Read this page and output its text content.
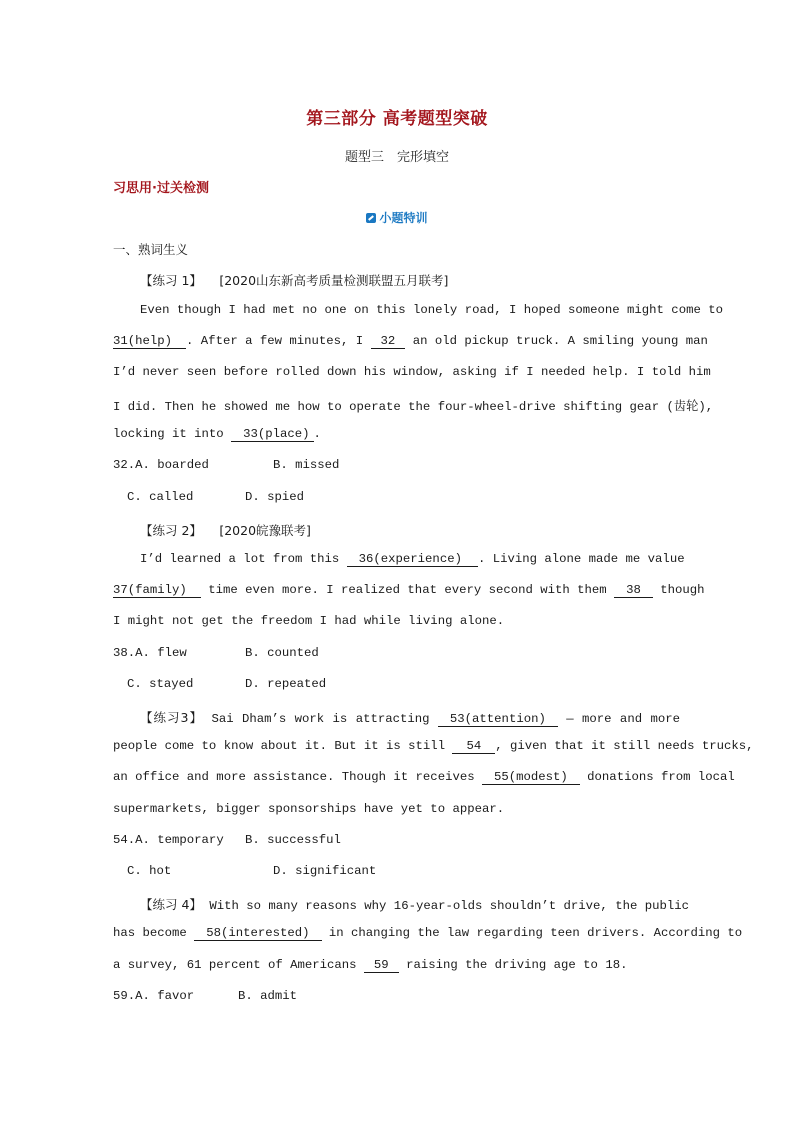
第三部分 高考题型突破
题型三　完形填空
习思用·过关检测
小题特训
一、熟词生义
【练习 1】 [2020山东新高考质量检测联盟五月联考]
Even though I had met no one on this lonely road, I hoped someone might come to
31(help) . After a few minutes, I 32 an old pickup truck. A smiling young man
I’d never seen before rolled down his window, asking if I needed help. I told him
I did. Then he showed me how to operate the four-wheel-drive shifting gear (齿轮),
locking it into 33(place) .
32.A. boarded	B. missed
C. called	D. spied
【练习 2】 [2020皖豫联考]
I’d learned a lot from this 36(experience) . Living alone made me value
37(family) time even more. I realized that every second with them 38 though
I might not get the freedom I had while living alone.
38.A. flew	B. counted
C. stayed	D. repeated
【练习3】 Sai Dham’s work is attracting 53(attention) — more and more
people come to know about it. But it is still 54 , given that it still needs trucks,
an office and more assistance. Though it receives 55(modest) donations from local
supermarkets, bigger sponsorships have yet to appear.
54.A. temporary B. successful
C. hot	D. significant
【练习 4】 With so many reasons why 16-year-olds shouldn’t drive, the public
has become 58(interested) in changing the law regarding teen drivers. According to
a survey, 61 percent of Americans 59 raising the driving age to 18.
59.A. favor	B. admit
